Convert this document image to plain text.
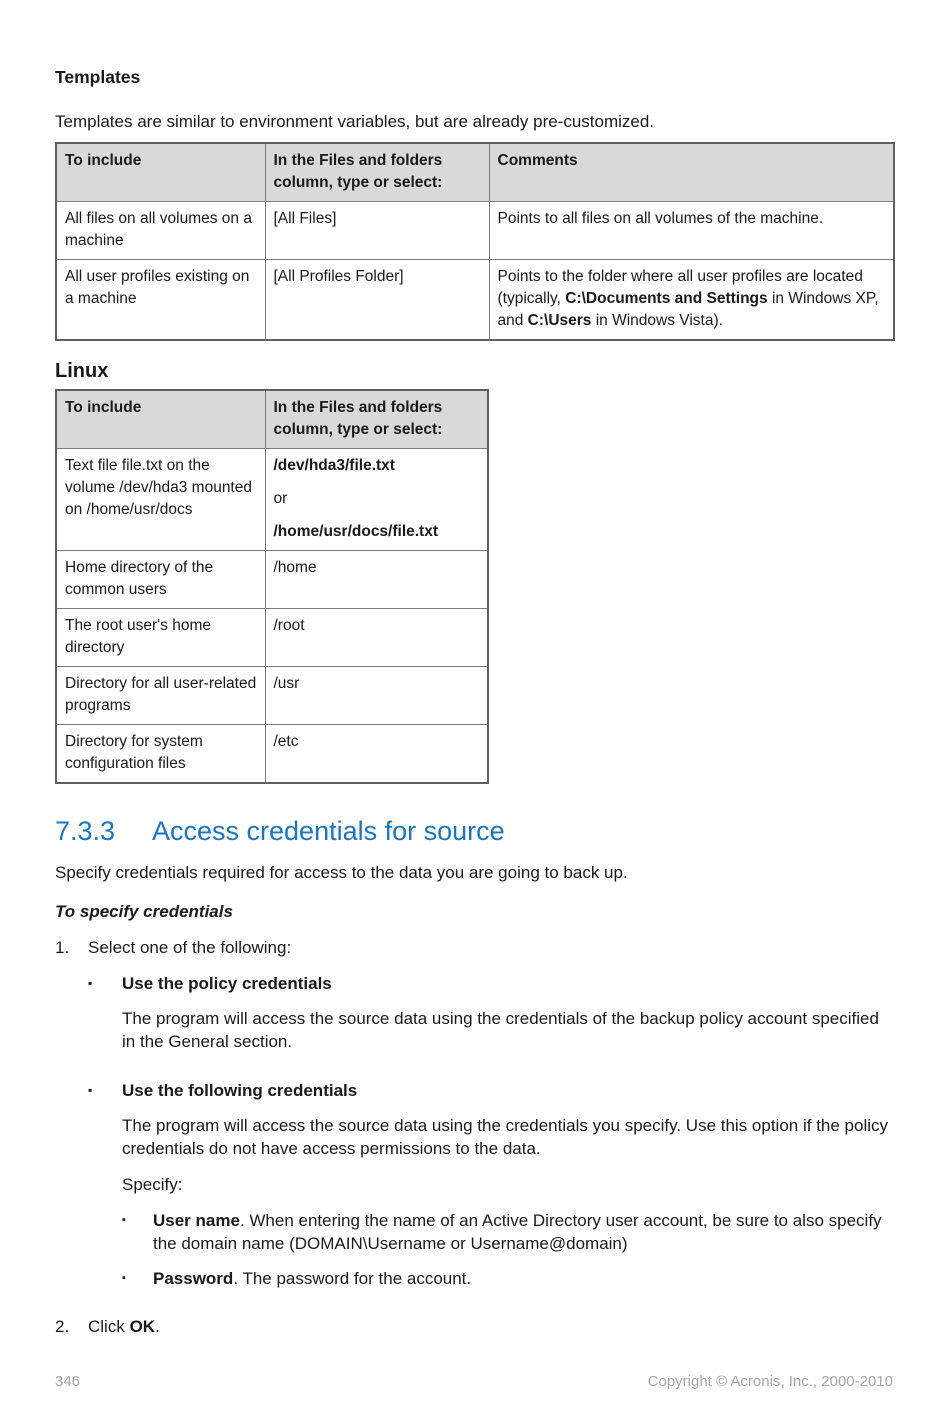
Templates

Templates are similar to environment variables, but are already pre-customized.

To include	In the Files and folders column, type or select:	Comments
All files on all volumes on a machine	[All Files]	Points to all files on all volumes of the machine.
All user profiles existing on a machine	[All Profiles Folder]	Points to the folder where all user profiles are located (typically, C:\Documents and Settings in Windows XP, and C:\Users in Windows Vista).
Linux
To include	In the Files and folders column, type or select:
Text file file.txt on the volume /dev/hda3 mounted on /home/usr/docs	/dev/hda3/file.txt
or
/home/usr/docs/file.txt

Home directory of the common users	/home
The root user's home directory	/root
Directory for all user-related programs	/usr
Directory for system configuration files	/etc
7.3.3	Access credentials for source

Specify credentials required for access to the data you are going to back up.

To specify credentials
1.	Select one of the following:
▪	Use the policy credentials

The program will access the source data using the credentials of the backup policy account specified in the General section.

▪	Use the following credentials

The program will access the source data using the credentials you specify. Use this option if the policy credentials do not have access permissions to the data.

Specify:

▪	User name. When entering the name of an Active Directory user account, be sure to also specify the domain name (DOMAIN\Username or Username@domain)
▪	Password. The password for the account.
2.	Click OK.
346	Copyright © Acronis, Inc., 2000-2010
